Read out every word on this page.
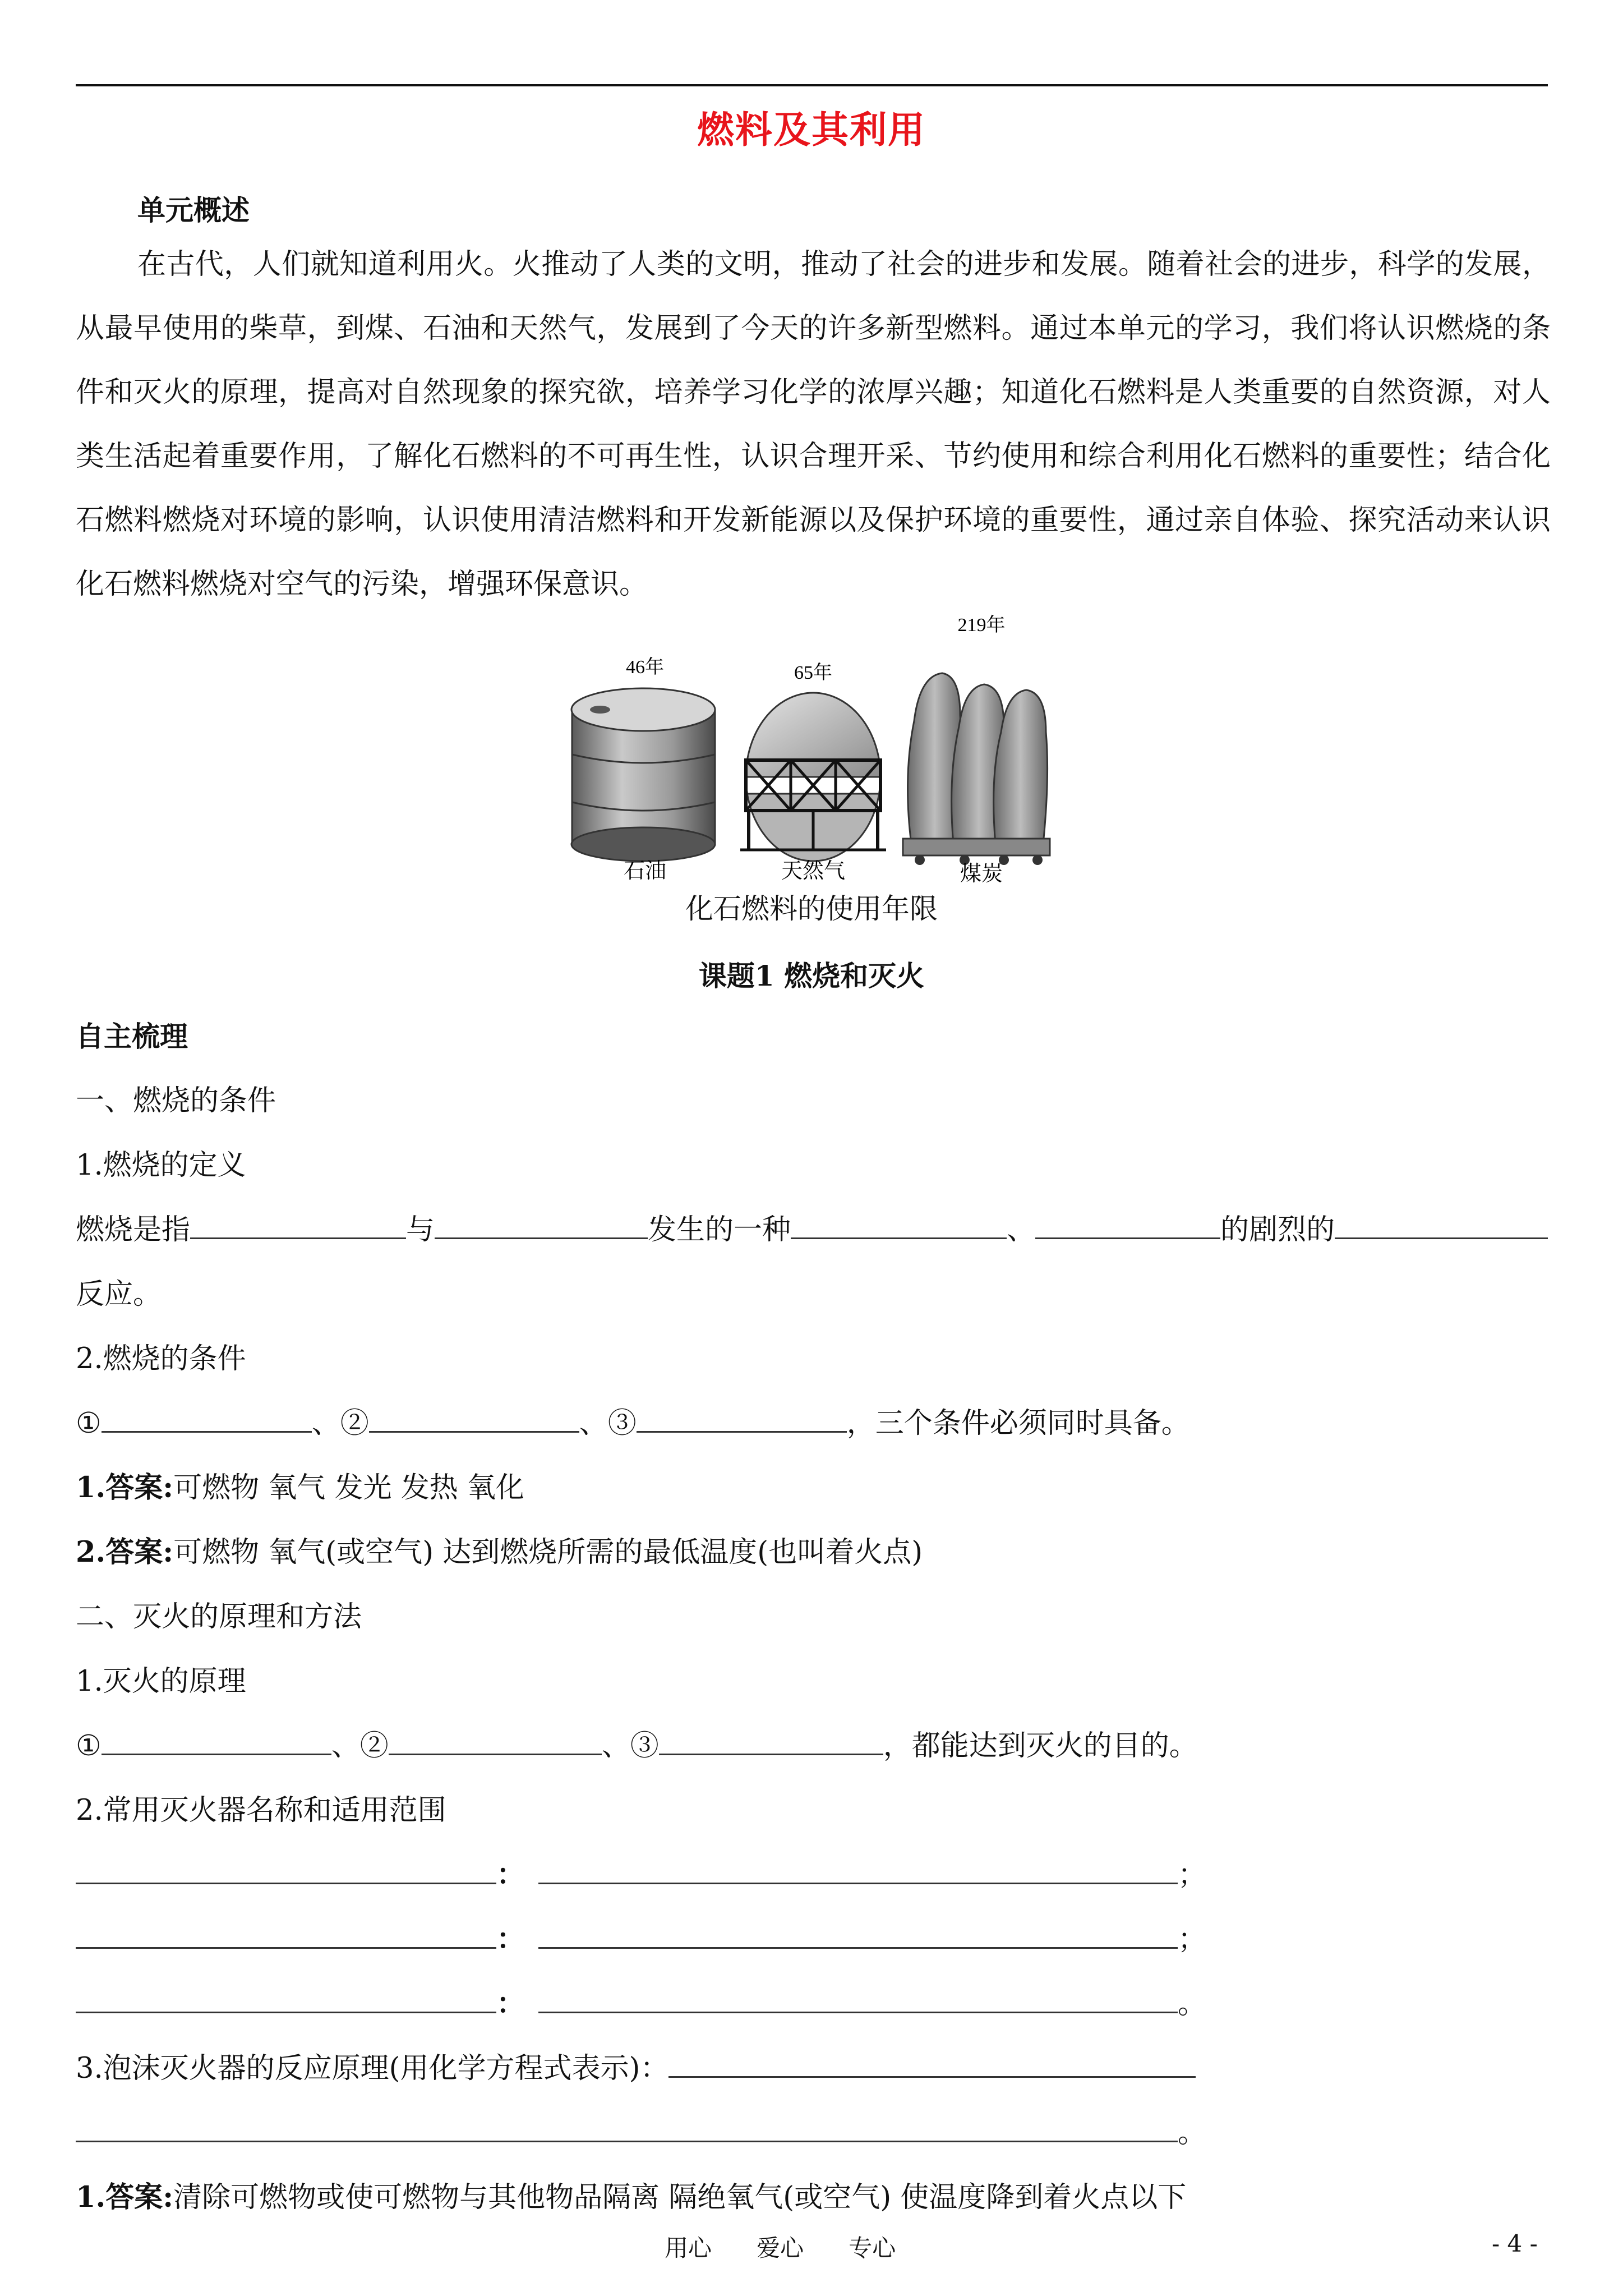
燃料及其利用
单元概述
在古代，人们就知道利用火。火推动了人类的文明，推动了社会的进步和发展。随着社会的进步，科学的发展，从最早使用的柴草，到煤、石油和天然气，发展到了今天的许多新型燃料。通过本单元的学习，我们将认识燃烧的条件和灭火的原理，提高对自然现象的探究欲，培养学习化学的浓厚兴趣；知道化石燃料是人类重要的自然资源，对人类生活起着重要作用，了解化石燃料的不可再生性，认识合理开采、节约使用和综合利用化石燃料的重要性；结合化石燃料燃烧对环境的影响，认识使用清洁燃料和开发新能源以及保护环境的重要性，通过亲自体验、探究活动来认识化石燃料燃烧对空气的污染，增强环保意识。
46年
石油
65年
天然气
219年
煤炭
化石燃料的使用年限
课题1 燃烧和灭火
自主梳理
一、燃烧的条件
1.燃烧的定义
燃烧是指	与	发生的一种	、	的剧烈的
反应。
2.燃烧的条件
①	、②	、③	，三个条件必须同时具备。
1.答案:可燃物 氧气 发光 发热 氧化
2.答案:可燃物 氧气(或空气) 达到燃烧所需的最低温度(也叫着火点)
二、灭火的原理和方法
1.灭火的原理
①	、②	、③	，都能达到灭火的目的。
2.常用灭火器名称和适用范围
：	；
：	；
：	。
3.泡沫灭火器的反应原理(用化学方程式表示)：
。
1.答案:清除可燃物或使可燃物与其他物品隔离 隔绝氧气(或空气) 使温度降到着火点以下
用心      爱心      专心	- 4 -
